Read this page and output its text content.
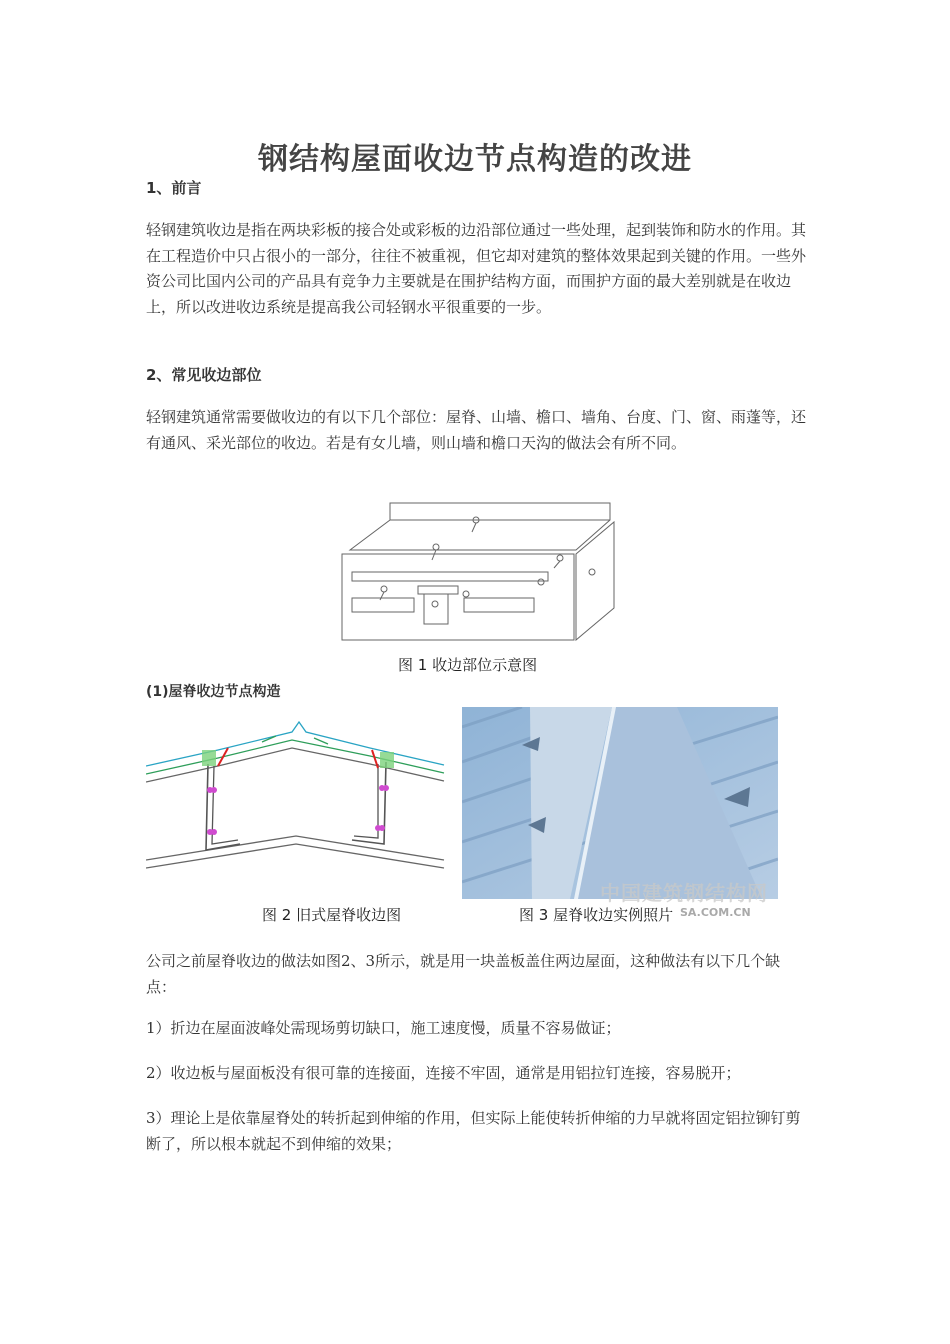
钢结构屋面收边节点构造的改进
1、前言
轻钢建筑收边是指在两块彩板的接合处或彩板的边沿部位通过一些处理，起到装饰和防水的作用。其在工程造价中只占很小的一部分，往往不被重视，但它却对建筑的整体效果起到关键的作用。一些外资公司比国内公司的产品具有竞争力主要就是在围护结构方面，而围护方面的最大差别就是在收边上，所以改进收边系统是提高我公司轻钢水平很重要的一步。
2、常见收边部位
轻钢建筑通常需要做收边的有以下几个部位：屋脊、山墙、檐口、墙角、台度、门、窗、雨蓬等，还有通风、采光部位的收边。若是有女儿墙，则山墙和檐口天沟的做法会有所不同。
图 1 收边部位示意图
(1)屋脊收边节点构造
中国建筑钢结构网
SA.COM.CN
图 2 旧式屋脊收边图	图 3 屋脊收边实例照片
公司之前屋脊收边的做法如图2、3所示，就是用一块盖板盖住两边屋面，这种做法有以下几个缺点：
1）折边在屋面波峰处需现场剪切缺口，施工速度慢，质量不容易做证；
2）收边板与屋面板没有很可靠的连接面，连接不牢固，通常是用铝拉钉连接，容易脱开；
3）理论上是依靠屋脊处的转折起到伸缩的作用，但实际上能使转折伸缩的力早就将固定铝拉铆钉剪断了，所以根本就起不到伸缩的效果；
